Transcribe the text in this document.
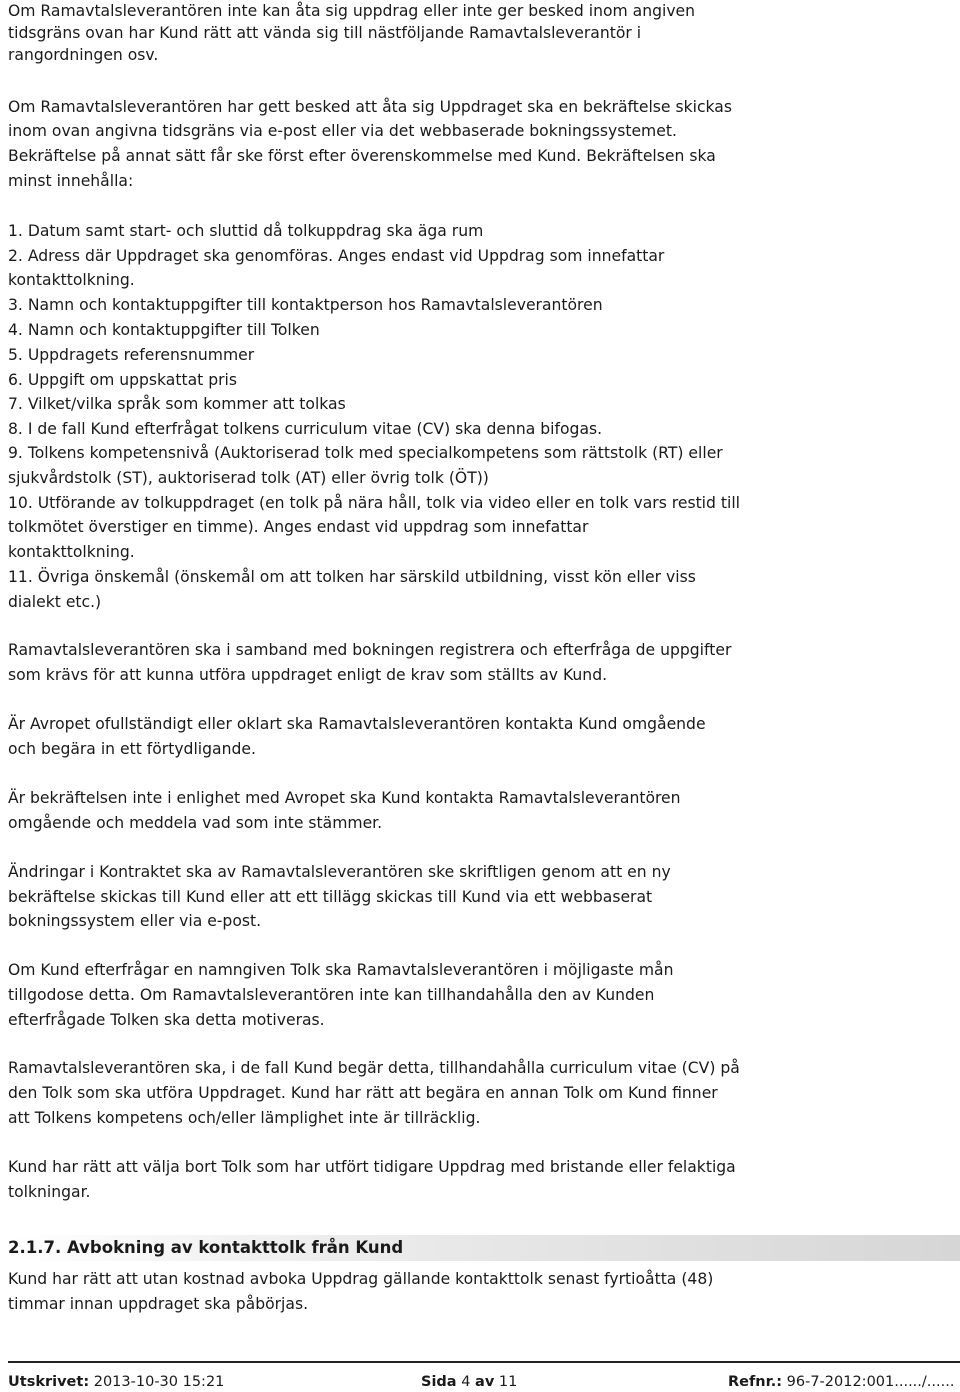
Om Ramavtalsleverantören inte kan åta sig uppdrag eller inte ger besked inom angiven
tidsgräns ovan har Kund rätt att vända sig till nästföljande Ramavtalsleverantör i
rangordningen osv.
Om Ramavtalsleverantören har gett besked att åta sig Uppdraget ska en bekräftelse skickas
inom ovan angivna tidsgräns via e-post eller via det webbaserade bokningssystemet.
Bekräftelse på annat sätt får ske först efter överenskommelse med Kund. Bekräftelsen ska
minst innehålla:
1. Datum samt start- och sluttid då tolkuppdrag ska äga rum
2. Adress där Uppdraget ska genomföras. Anges endast vid Uppdrag som innefattar
kontakttolkning.
3. Namn och kontaktuppgifter till kontaktperson hos Ramavtalsleverantören
4. Namn och kontaktuppgifter till Tolken
5. Uppdragets referensnummer
6. Uppgift om uppskattat pris
7. Vilket/vilka språk som kommer att tolkas
8. I de fall Kund efterfrågat tolkens curriculum vitae (CV) ska denna bifogas.
9. Tolkens kompetensnivå (Auktoriserad tolk med specialkompetens som rättstolk (RT) eller
sjukvårdstolk (ST), auktoriserad tolk (AT) eller övrig tolk (ÖT))
10. Utförande av tolkuppdraget (en tolk på nära håll, tolk via video eller en tolk vars restid till
tolkmötet överstiger en timme). Anges endast vid uppdrag som innefattar
kontakttolkning.
11. Övriga önskemål (önskemål om att tolken har särskild utbildning, visst kön eller viss
dialekt etc.)
Ramavtalsleverantören ska i samband med bokningen registrera och efterfråga de uppgifter
som krävs för att kunna utföra uppdraget enligt de krav som ställts av Kund.
Är Avropet ofullständigt eller oklart ska Ramavtalsleverantören kontakta Kund omgående
och begära in ett förtydligande.
Är bekräftelsen inte i enlighet med Avropet ska Kund kontakta Ramavtalsleverantören
omgående och meddela vad som inte stämmer.
Ändringar i Kontraktet ska av Ramavtalsleverantören ske skriftligen genom att en ny
bekräftelse skickas till Kund eller att ett tillägg skickas till Kund via ett webbaserat
bokningssystem eller via e-post.
Om Kund efterfrågar en namngiven Tolk ska Ramavtalsleverantören i möjligaste mån
tillgodose detta. Om Ramavtalsleverantören inte kan tillhandahålla den av Kunden
efterfrågade Tolken ska detta motiveras.
Ramavtalsleverantören ska, i de fall Kund begär detta, tillhandahålla curriculum vitae (CV) på
den Tolk som ska utföra Uppdraget. Kund har rätt att begära en annan Tolk om Kund finner
att Tolkens kompetens och/eller lämplighet inte är tillräcklig.
Kund har rätt att välja bort Tolk som har utfört tidigare Uppdrag med bristande eller felaktiga
tolkningar.
2.1.7. Avbokning av kontakttolk från Kund
Kund har rätt att utan kostnad avboka Uppdrag gällande kontakttolk senast fyrtioåtta (48)
timmar innan uppdraget ska påbörjas.
Utskrivet: 2013-10-30 15:21	Sida 4 av 11	Refnr.: 96-7-2012:001....../......
